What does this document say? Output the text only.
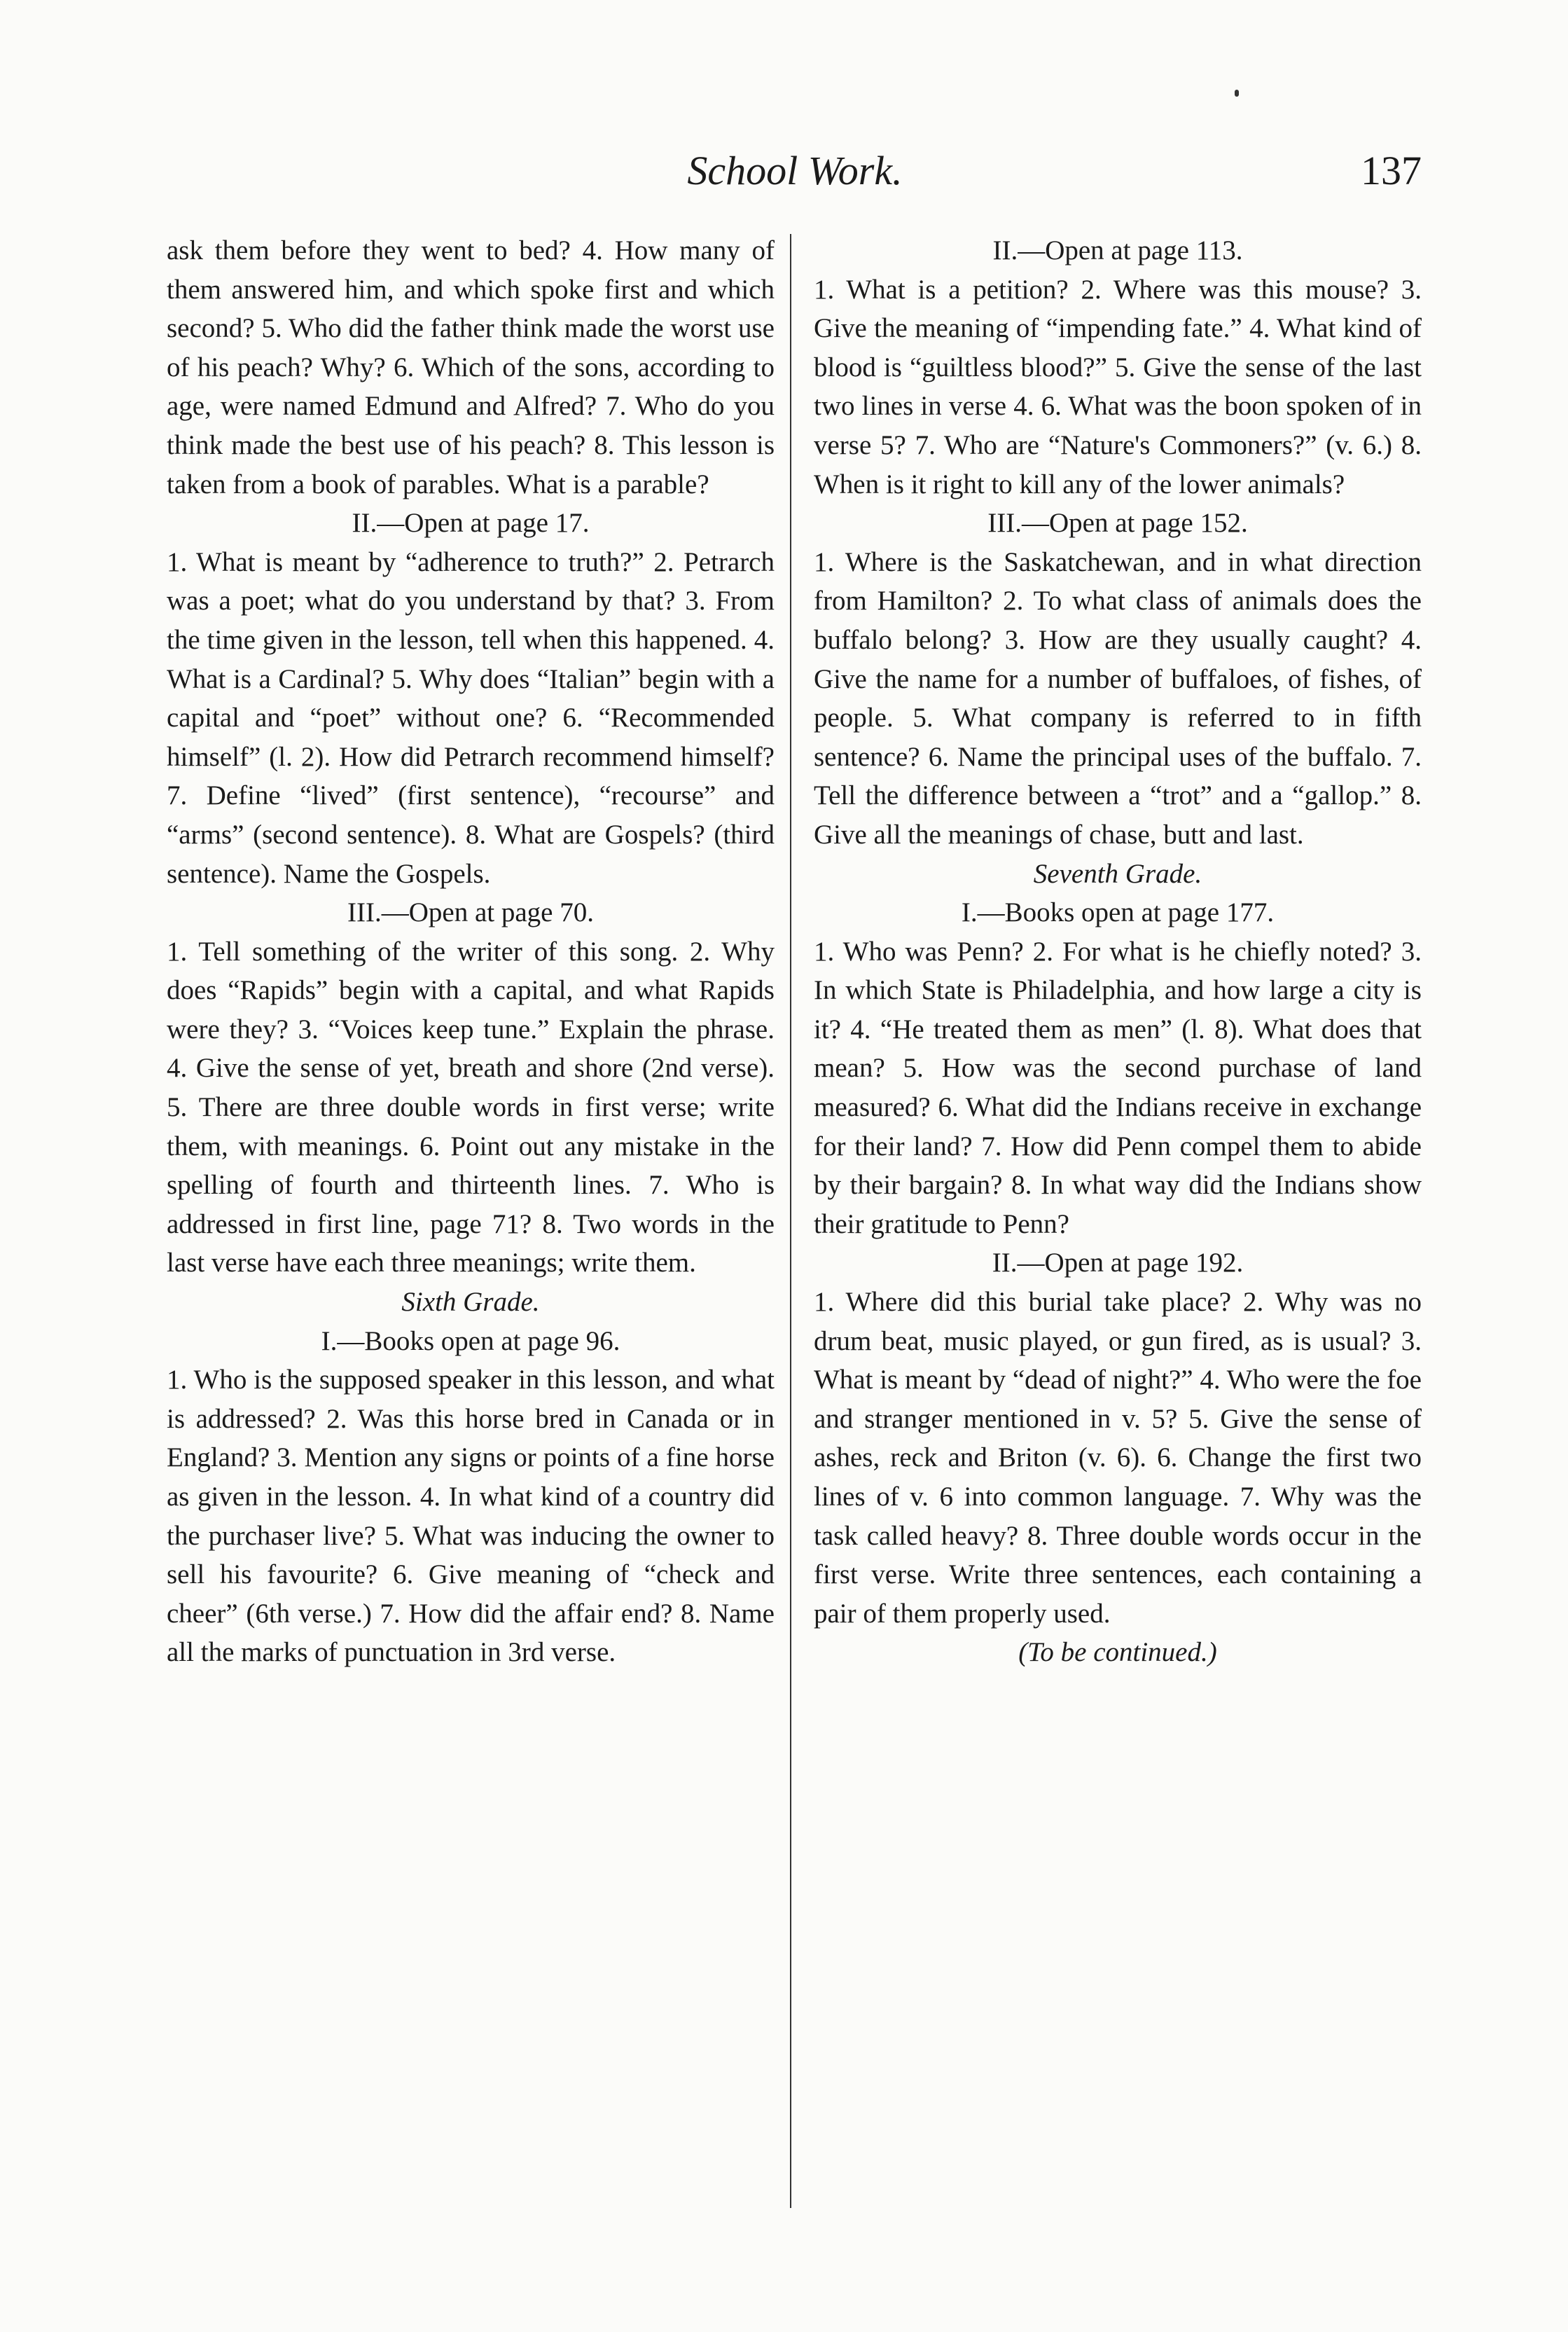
School Work.	137

ask them before they went to bed? 4. How many of them answered him, and which spoke first and which second? 5. Who did the father think made the worst use of his peach? Why? 6. Which of the sons, according to age, were named Edmund and Alfred? 7. Who do you think made the best use of his peach? 8. This lesson is taken from a book of parables. What is a parable?

II.—Open at page 17.

1. What is meant by “adherence to truth?” 2. Petrarch was a poet; what do you understand by that? 3. From the time given in the lesson, tell when this happened. 4. What is a Cardinal? 5. Why does “Italian” begin with a capital and “poet” without one? 6. “Recommended himself” (l. 2). How did Petrarch recommend himself? 7. Define “lived” (first sentence), “recourse” and “arms” (second sentence). 8. What are Gospels? (third sentence). Name the Gospels.

III.—Open at page 70.

1. Tell something of the writer of this song. 2. Why does “Rapids” begin with a capital, and what Rapids were they? 3. “Voices keep tune.” Explain the phrase. 4. Give the sense of yet, breath and shore (2nd verse). 5. There are three double words in first verse; write them, with meanings. 6. Point out any mistake in the spelling of fourth and thirteenth lines. 7. Who is addressed in first line, page 71? 8. Two words in the last verse have each three meanings; write them.

Sixth Grade.

I.—Books open at page 96.

1. Who is the supposed speaker in this lesson, and what is addressed? 2. Was this horse bred in Canada or in England? 3. Mention any signs or points of a fine horse as given in the lesson. 4. In what kind of a country did the purchaser live? 5. What was inducing the owner to sell his favourite? 6. Give meaning of “check and cheer” (6th verse.) 7. How did the affair end? 8. Name all the marks of punctuation in 3rd verse.

II.—Open at page 113.

1. What is a petition? 2. Where was this mouse? 3. Give the meaning of “impending fate.” 4. What kind of blood is “guiltless blood?” 5. Give the sense of the last two lines in verse 4. 6. What was the boon spoken of in verse 5? 7. Who are “Nature's Commoners?” (v. 6.) 8. When is it right to kill any of the lower animals?

III.—Open at page 152.

1. Where is the Saskatchewan, and in what direction from Hamilton? 2. To what class of animals does the buffalo belong? 3. How are they usually caught? 4. Give the name for a number of buffaloes, of fishes, of people. 5. What company is referred to in fifth sentence? 6. Name the principal uses of the buffalo. 7. Tell the difference between a “trot” and a “gallop.” 8. Give all the meanings of chase, butt and last.

Seventh Grade.

I.—Books open at page 177.

1. Who was Penn? 2. For what is he chiefly noted? 3. In which State is Philadelphia, and how large a city is it? 4. “He treated them as men” (l. 8). What does that mean? 5. How was the second purchase of land measured? 6. What did the Indians receive in exchange for their land? 7. How did Penn compel them to abide by their bargain? 8. In what way did the Indians show their gratitude to Penn?

II.—Open at page 192.

1. Where did this burial take place? 2. Why was no drum beat, music played, or gun fired, as is usual? 3. What is meant by “dead of night?” 4. Who were the foe and stranger mentioned in v. 5? 5. Give the sense of ashes, reck and Briton (v. 6). 6. Change the first two lines of v. 6 into common language. 7. Why was the task called heavy? 8. Three double words occur in the first verse. Write three sentences, each containing a pair of them properly used.

(To be continued.)
